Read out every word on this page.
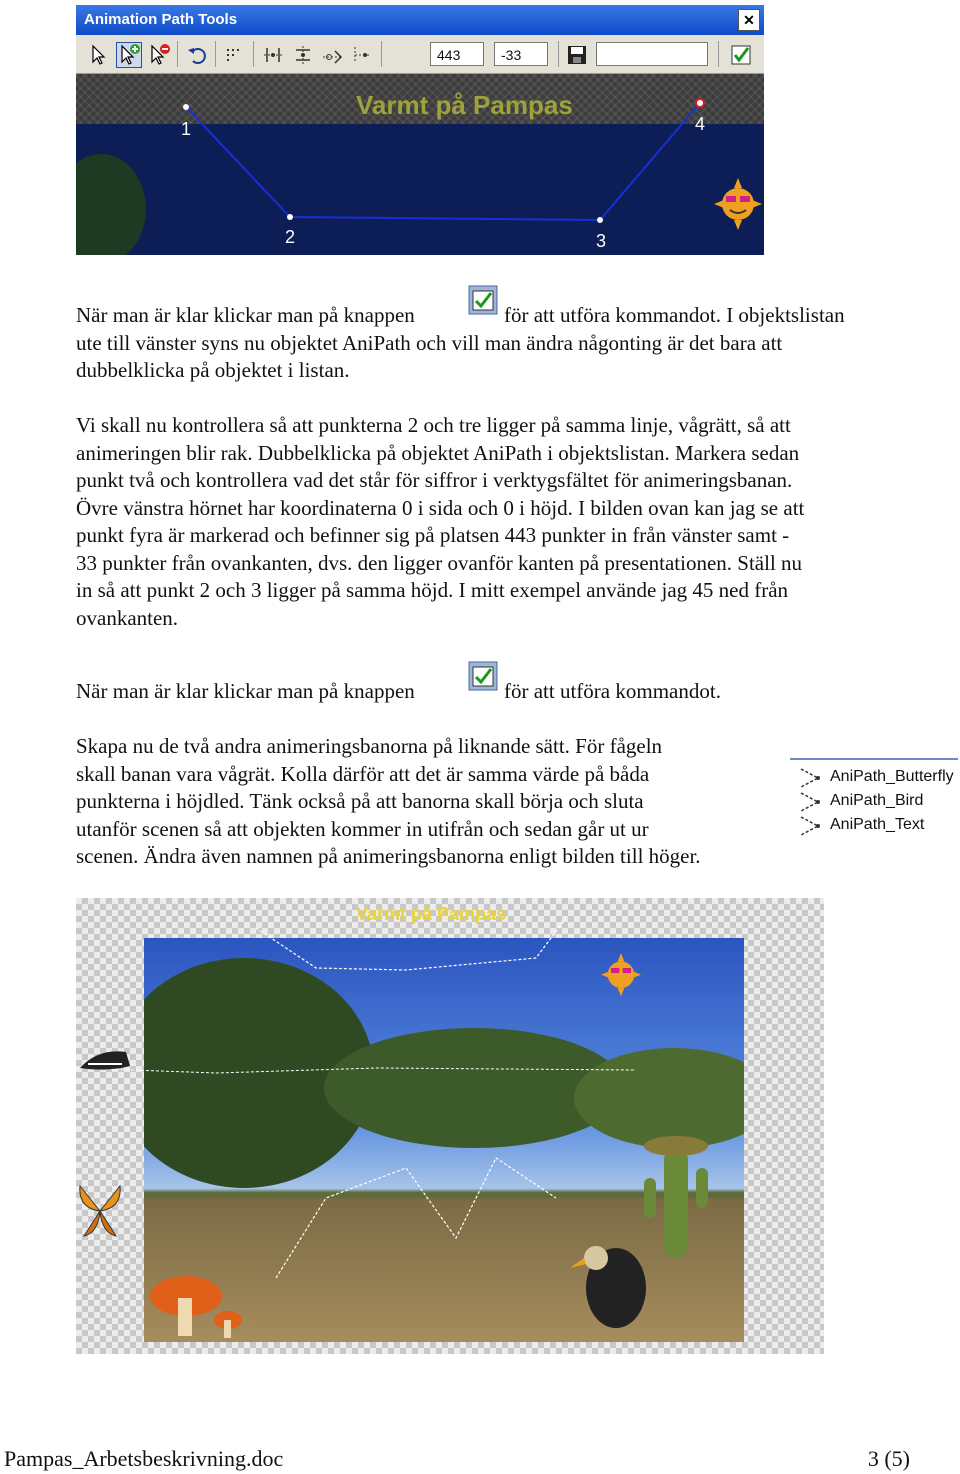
Animation Path Tools	✕
443	-33
Varmt på Pampas
1
2	3
4

När man är klar klickar man på knappen	för att utföra kommandot. I objektslistan

ute till vänster syns nu objektet AniPath och vill man ändra någonting är det bara att

dubbelklicka på objektet i listan.

Vi skall nu kontrollera så att punkterna 2 och tre ligger på samma linje, vågrätt, så att

animeringen blir rak. Dubbelklicka på objektet AniPath i objektslistan. Markera sedan

punkt två och kontrollera vad det står för siffror i verktygsfältet för animeringsbanan.

Övre vänstra hörnet har koordinaterna 0 i sida och 0 i höjd. I bilden ovan kan jag se att

punkt fyra är markerad och befinner sig på platsen 443 punkter in från vänster samt -

33 punkter från ovankanten, dvs. den ligger ovanför kanten på presentationen. Ställ nu

in så att punkt 2 och 3 ligger på samma höjd. I mitt exempel använde jag 45 ned från

ovankanten.

När man är klar klickar man på knappen	för att utföra kommandot.

Skapa nu de två andra animeringsbanorna på liknande sätt. För fågeln

skall banan vara vågrät. Kolla därför att det är samma värde på båda

punkterna i höjdled. Tänk också på att banorna skall börja och sluta

utanför scenen så att objekten kommer in utifrån och sedan går ut ur

scenen. Ändra även namnen på animeringsbanorna enligt bilden till höger.

AniPath_Butterfly
AniPath_Bird
AniPath_Text
Varmt på Pampas
Pampas_Arbetsbeskrivning.doc	3 (5)
